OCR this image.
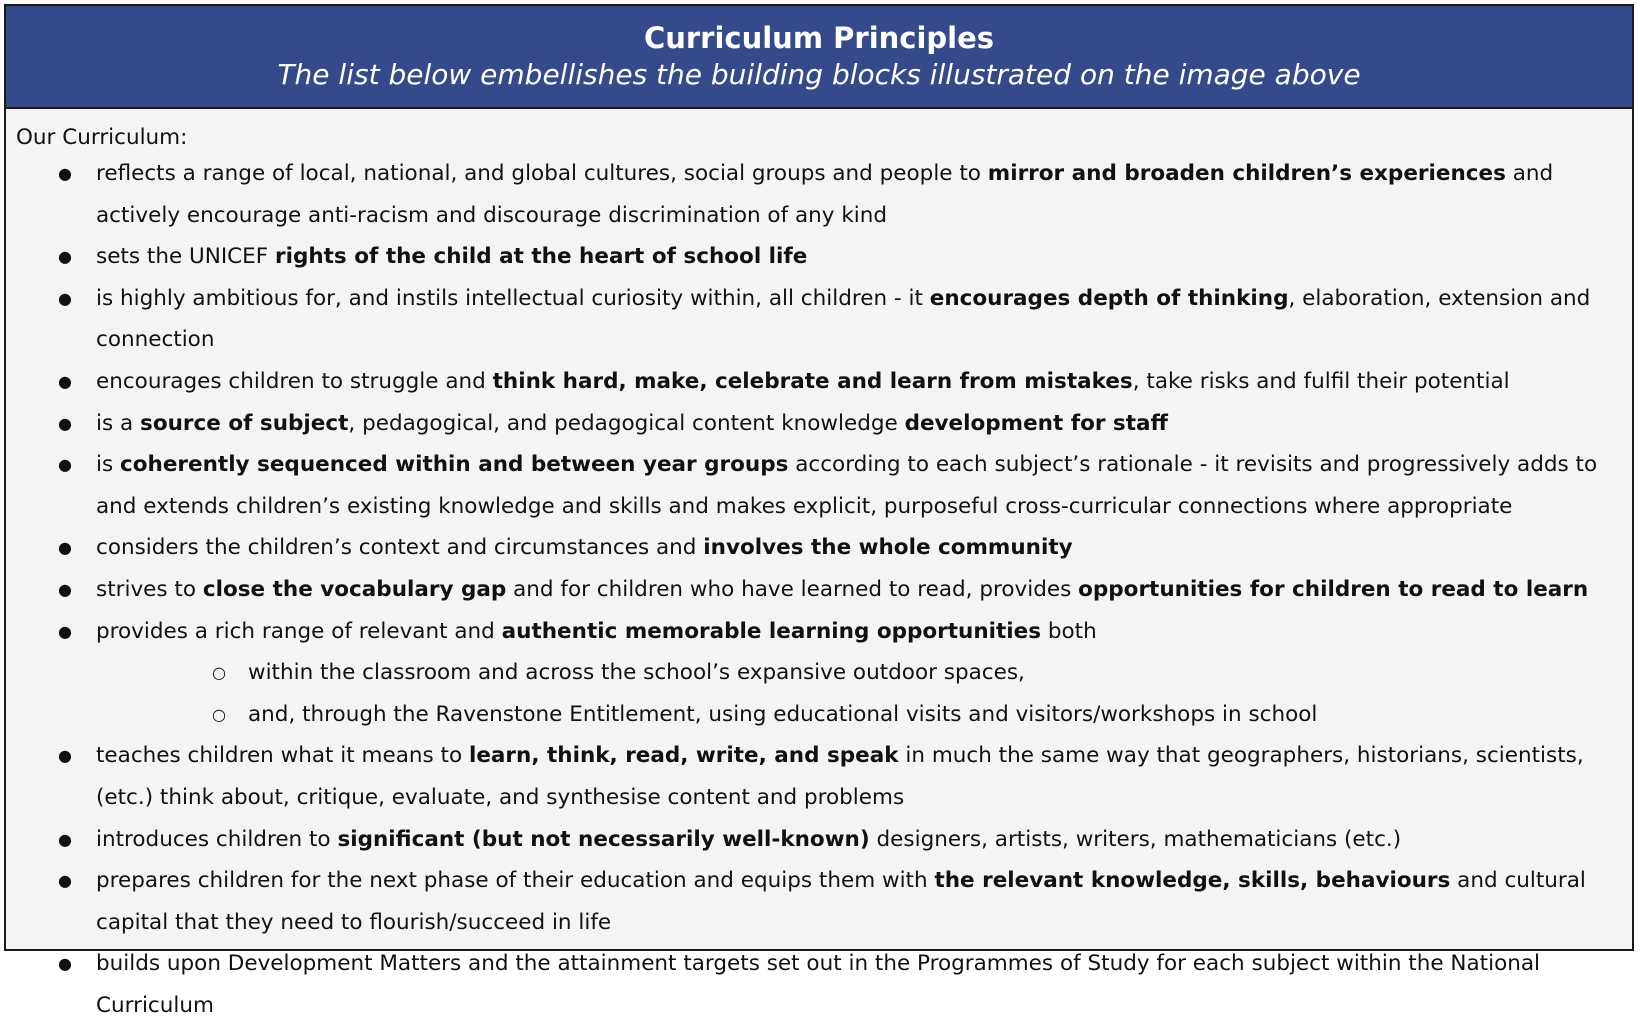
Curriculum Principles
The list below embellishes the building blocks illustrated on the image above
Our Curriculum:
● reflects a range of local, national, and global cultures, social groups and people to mirror and broaden children’s experiences and actively encourage anti-racism and discourage discrimination of any kind
● sets the UNICEF rights of the child at the heart of school life
● is highly ambitious for, and instils intellectual curiosity within, all children - it encourages depth of thinking, elaboration, extension and connection
● encourages children to struggle and think hard, make, celebrate and learn from mistakes, take risks and fulfil their potential
● is a source of subject, pedagogical, and pedagogical content knowledge development for staff
● is coherently sequenced within and between year groups according to each subject’s rationale - it revisits and progressively adds to and extends children’s existing knowledge and skills and makes explicit, purposeful cross-curricular connections where appropriate
● considers the children’s context and circumstances and involves the whole community
● strives to close the vocabulary gap and for children who have learned to read, provides opportunities for children to read to learn
● provides a rich range of relevant and authentic memorable learning opportunities both
○ within the classroom and across the school’s expansive outdoor spaces,
○ and, through the Ravenstone Entitlement, using educational visits and visitors/workshops in school
● teaches children what it means to learn, think, read, write, and speak in much the same way that geographers, historians, scientists, (etc.) think about, critique, evaluate, and synthesise content and problems
● introduces children to significant (but not necessarily well-known) designers, artists, writers, mathematicians (etc.)
● prepares children for the next phase of their education and equips them with the relevant knowledge, skills, behaviours and cultural capital that they need to flourish/succeed in life
● builds upon Development Matters and the attainment targets set out in the Programmes of Study for each subject within the National Curriculum
